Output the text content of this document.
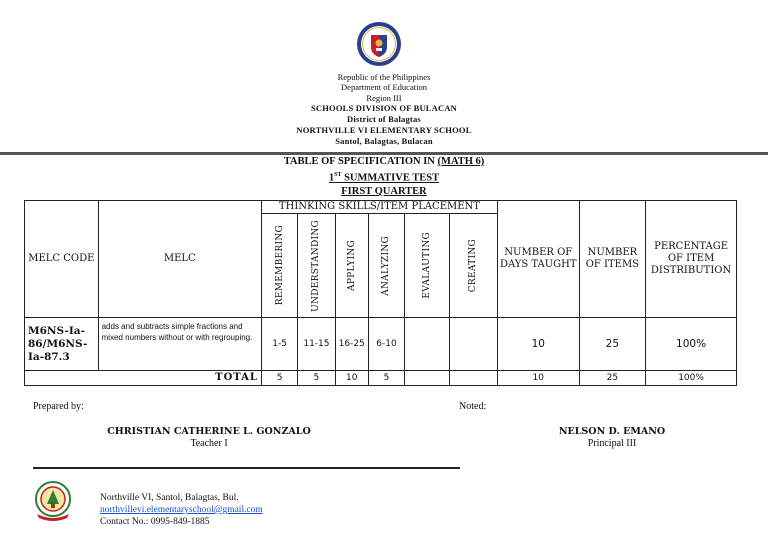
Republic of the Philippines
Department of Education
Region III
SCHOOLS DIVISION OF BULACAN
District of Balagtas
NORTHVILLE VI ELEMENTARY SCHOOL
Santol, Balagtas, Bulacan
TABLE OF SPECIFICATION IN (MATH 6)
1ST SUMMATIVE TEST
FIRST QUARTER
MELC CODE	MELC	THINKING SKILLS/ITEM PLACEMENT						NUMBER OF DAYS TAUGHT	NUMBER OF ITEMS	PERCENTAGE OF ITEM DISTRIBUTION

		REMEMBERING	UNDERSTANDING	APPLYING	ANALYZING	EVALAUTING	CREATING			

M6NS-Ia-86/M6NS-Ia-87.3	adds and subtracts simple fractions and mixed numbers without or with regrouping.	1-5	11-15	16-25	6-10			10	25	100%
TOTAL		5	5	10	5			10	25	100%
Prepared by:	Noted:
CHRISTIAN CATHERINE L. GONZALO
Teacher I
NELSON D. EMANO
Principal III
Northville VI, Santol, Balagtas, Bul.
northvillevi.elementaryschool@gmail.com
Contact No.: 0995-849-1885
